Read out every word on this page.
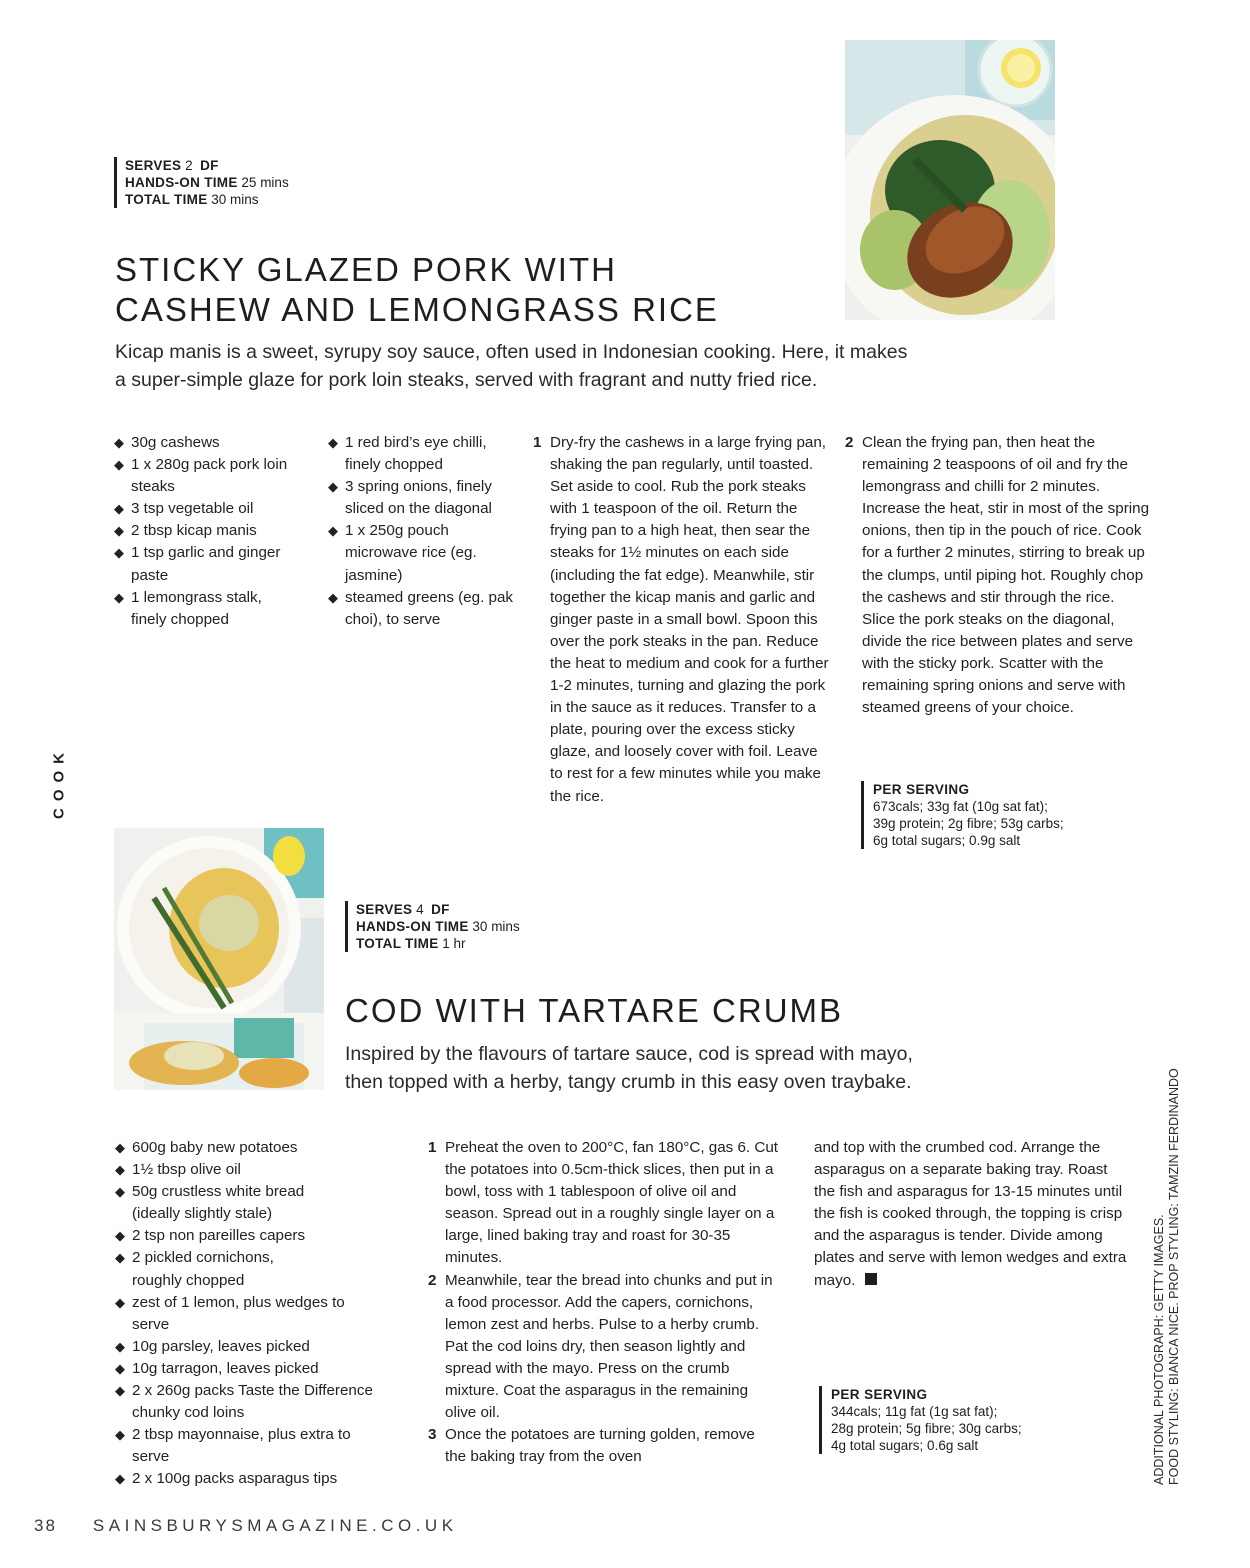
SERVES 2 DF
HANDS-ON TIME 25 mins
TOTAL TIME 30 mins
STICKY GLAZED PORK WITH
CASHEW AND LEMONGRASS RICE
Kicap manis is a sweet, syrupy soy sauce, often used in Indonesian cooking. Here, it makes
a super-simple glaze for pork loin steaks, served with fragrant and nutty fried rice.
◆ 30g cashews
◆ 1 x 280g pack pork loin steaks
◆ 3 tsp vegetable oil
◆ 2 tbsp kicap manis
◆ 1 tsp garlic and ginger paste
◆ 1 lemongrass stalk, finely chopped
◆ 1 red bird’s eye chilli, finely chopped
◆ 3 spring onions, finely sliced on the diagonal
◆ 1 x 250g pouch microwave rice (eg. jasmine)
◆ steamed greens (eg. pak choi), to serve
1 Dry-fry the cashews in a large frying pan, shaking the pan regularly, until toasted. Set aside to cool. Rub the pork steaks with 1 teaspoon of the oil. Return the frying pan to a high heat, then sear the steaks for 1½ minutes on each side (including the fat edge). Meanwhile, stir together the kicap manis and garlic and ginger paste in a small bowl. Spoon this over the pork steaks in the pan. Reduce the heat to medium and cook for a further 1-2 minutes, turning and glazing the pork in the sauce as it reduces. Transfer to a plate, pouring over the excess sticky glaze, and loosely cover with foil. Leave to rest for a few minutes while you make the rice.
2 Clean the frying pan, then heat the remaining 2 teaspoons of oil and fry the lemongrass and chilli for 2 minutes. Increase the heat, stir in most of the spring onions, then tip in the pouch of rice. Cook for a further 2 minutes, stirring to break up the clumps, until piping hot. Roughly chop the cashews and stir through the rice. Slice the pork steaks on the diagonal, divide the rice between plates and serve with the sticky pork. Scatter with the remaining spring onions and serve with steamed greens of your choice.
PER SERVING
673cals; 33g fat (10g sat fat);
39g protein; 2g fibre; 53g carbs;
6g total sugars; 0.9g salt
COOK
SERVES 4 DF
HANDS-ON TIME 30 mins
TOTAL TIME 1 hr
COD WITH TARTARE CRUMB
Inspired by the flavours of tartare sauce, cod is spread with mayo,
then topped with a herby, tangy crumb in this easy oven traybake.
◆ 600g baby new potatoes
◆ 1½ tbsp olive oil
◆ 50g crustless white bread (ideally slightly stale)
◆ 2 tsp non pareilles capers
◆ 2 pickled cornichons, roughly chopped
◆ zest of 1 lemon, plus wedges to serve
◆ 10g parsley, leaves picked
◆ 10g tarragon, leaves picked
◆ 2 x 260g packs Taste the Difference chunky cod loins
◆ 2 tbsp mayonnaise, plus extra to serve
◆ 2 x 100g packs asparagus tips
1 Preheat the oven to 200°C, fan 180°C, gas 6. Cut the potatoes into 0.5cm-thick slices, then put in a bowl, toss with 1 tablespoon of olive oil and season. Spread out in a roughly single layer on a large, lined baking tray and roast for 30-35 minutes.
2 Meanwhile, tear the bread into chunks and put in a food processor. Add the capers, cornichons, lemon zest and herbs. Pulse to a herby crumb. Pat the cod loins dry, then season lightly and spread with the mayo. Press on the crumb mixture. Coat the asparagus in the remaining olive oil.
3 Once the potatoes are turning golden, remove the baking tray from the oven
and top with the crumbed cod. Arrange the asparagus on a separate baking tray. Roast the fish and asparagus for 13-15 minutes until the fish is cooked through, the topping is crisp and the asparagus is tender. Divide among plates and serve with lemon wedges and extra mayo.
PER SERVING
344cals; 11g fat (1g sat fat);
28g protein; 5g fibre; 30g carbs;
4g total sugars; 0.6g salt	ADDITIONAL PHOTOGRAPH: GETTY IMAGES. FOOD STYLING: BIANCA NICE. PROP STYLING: TAMZIN FERDINANDO
38 SAINSBURYSMAGAZINE.CO.UK
